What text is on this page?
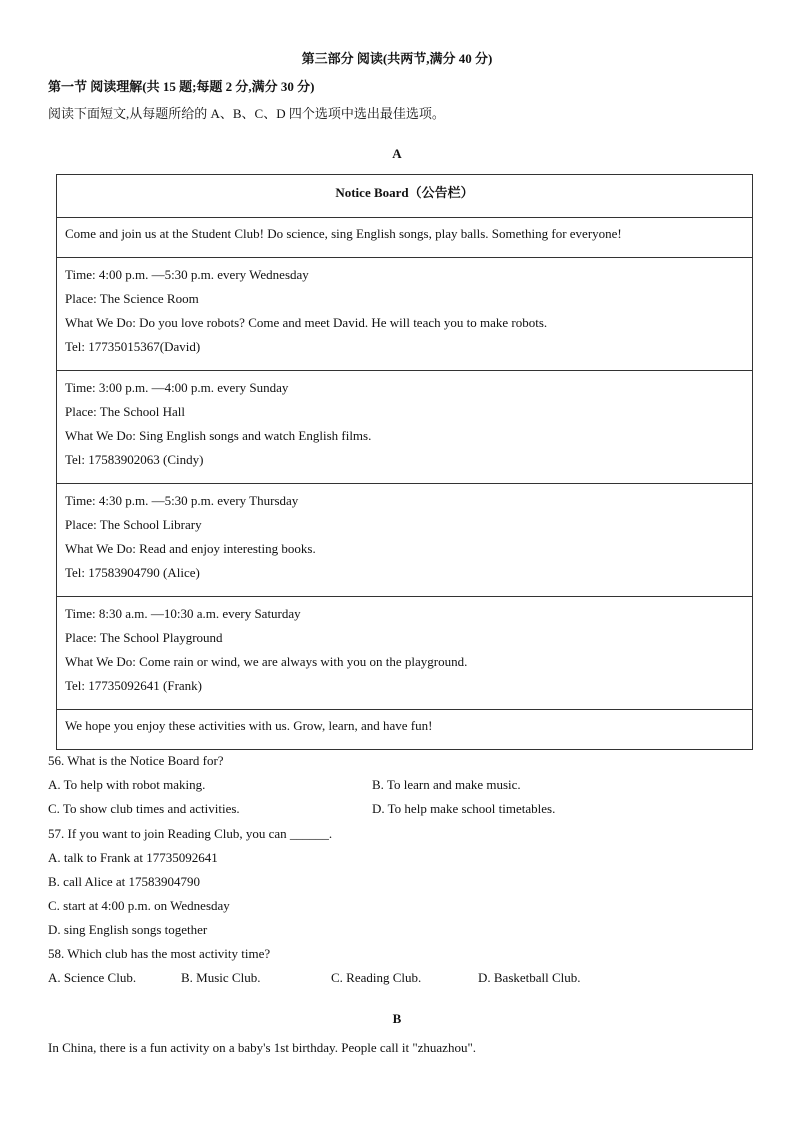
第三部分 阅读(共两节,满分 40 分)
第一节 阅读理解(共 15 题;每题 2 分,满分 30 分)
阅读下面短文,从每题所给的 A、B、C、D 四个选项中选出最佳选项。
A
Notice Board（公告栏）
Come and join us at the Student Club! Do science, sing English songs, play balls. Something for everyone!

Time: 4:00 p.m. —5:30 p.m. every Wednesday
Place: The Science Room
What We Do: Do you love robots? Come and meet David. He will teach you to make robots.
Tel: 17735015367(David)

Time: 3:00 p.m. —4:00 p.m. every Sunday
Place: The School Hall
What We Do: Sing English songs and watch English films.
Tel: 17583902063 (Cindy)

Time: 4:30 p.m. —5:30 p.m. every Thursday
Place: The School Library
What We Do: Read and enjoy interesting books.
Tel: 17583904790 (Alice)

Time: 8:30 a.m. —10:30 a.m. every Saturday
Place: The School Playground
What We Do: Come rain or wind, we are always with you on the playground.
Tel: 17735092641 (Frank)

We hope you enjoy these activities with us. Grow, learn, and have fun!
56. What is the Notice Board for?
A. To help with robot making.	B. To learn and make music.
C. To show club times and activities.	D. To help make school timetables.
57. If you want to join Reading Club, you can ______.
A. talk to Frank at 17735092641
B. call Alice at 17583904790
C. start at 4:00 p.m. on Wednesday
D. sing English songs together
58. Which club has the most activity time?
A. Science Club.	B. Music Club.	C. Reading Club.	D. Basketball Club.
B
In China, there is a fun activity on a baby's 1st birthday. People call it "zhuazhou".
